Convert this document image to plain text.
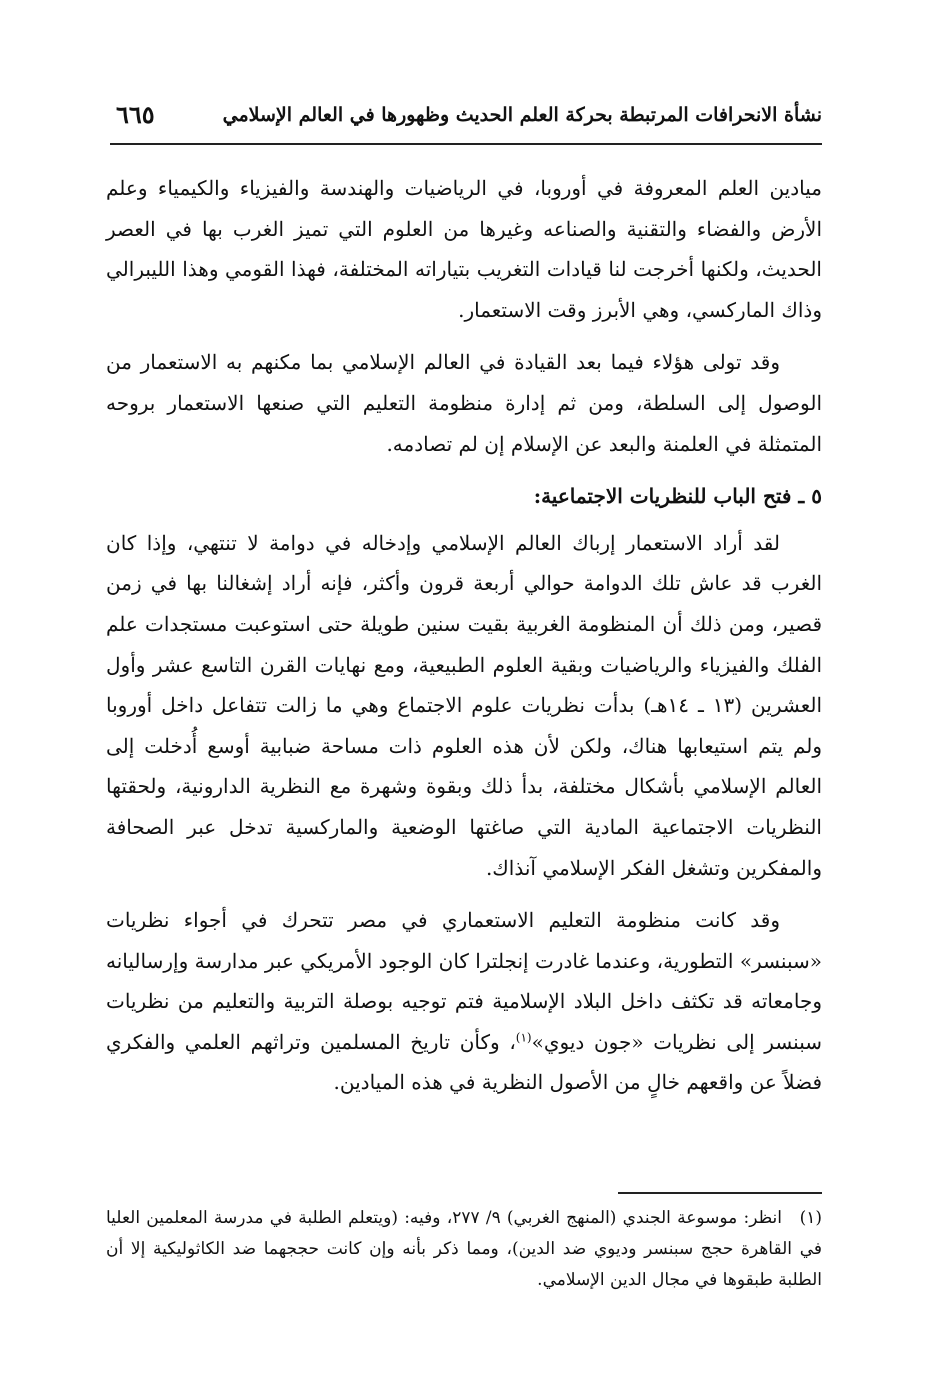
نشأة الانحرافات المرتبطة بحركة العلم الحديث وظهورها في العالم الإسلامي
٦٦٥

ميادين العلم المعروفة في أوروبا، في الرياضيات والهندسة والفيزياء والكيمياء وعلم الأرض والفضاء والتقنية والصناعه وغيرها من العلوم التي تميز الغرب بها في العصر الحديث، ولكنها أخرجت لنا قيادات التغريب بتياراته المختلفة، فهذا القومي وهذا الليبرالي وذاك الماركسي، وهي الأبرز وقت الاستعمار.

وقد تولى هؤلاء فيما بعد القيادة في العالم الإسلامي بما مكنهم به الاستعمار من الوصول إلى السلطة، ومن ثم إدارة منظومة التعليم التي صنعها الاستعمار بروحه المتمثلة في العلمنة والبعد عن الإسلام إن لم تصادمه.

٥ ـ فتح الباب للنظريات الاجتماعية:

لقد أراد الاستعمار إرباك العالم الإسلامي وإدخاله في دوامة لا تنتهي، وإذا كان الغرب قد عاش تلك الدوامة حوالي أربعة قرون وأكثر، فإنه أراد إشغالنا بها في زمن قصير، ومن ذلك أن المنظومة الغربية بقيت سنين طويلة حتى استوعبت مستجدات علم الفلك والفيزياء والرياضيات وبقية العلوم الطبيعية، ومع نهايات القرن التاسع عشر وأول العشرين (١٣ ـ ١٤هـ) بدأت نظريات علوم الاجتماع وهي ما زالت تتفاعل داخل أوروبا ولم يتم استيعابها هناك، ولكن لأن هذه العلوم ذات مساحة ضبابية أوسع أُدخلت إلى العالم الإسلامي بأشكال مختلفة، بدأ ذلك وبقوة وشهرة مع النظرية الدارونية، ولحقتها النظريات الاجتماعية المادية التي صاغتها الوضعية والماركسية تدخل عبر الصحافة والمفكرين وتشغل الفكر الإسلامي آنذاك.

وقد كانت منظومة التعليم الاستعماري في مصر تتحرك في أجواء نظريات «سبنسر» التطورية، وعندما غادرت إنجلترا كان الوجود الأمريكي عبر مدارسة وإرساليانه وجامعاته قد تكثف داخل البلاد الإسلامية فتم توجيه بوصلة التربية والتعليم من نظريات سبنسر إلى نظريات «جون ديوي»$^{(١)}$، وكأن تاريخ المسلمين وتراثهم العلمي والفكري فضلاً عن واقعهم خالٍ من الأصول النظرية في هذه الميادين.

(١)انظر: موسوعة الجندي (المنهج الغربي) ٩/ ٢٧٧، وفيه: (ويتعلم الطلبة في مدرسة المعلمين العليا في القاهرة حجج سبنسر وديوي ضد الدين)، ومما ذكر بأنه وإن كانت حججهما ضد الكاثوليكية إلا أن الطلبة طبقوها في مجال الدين الإسلامي.
